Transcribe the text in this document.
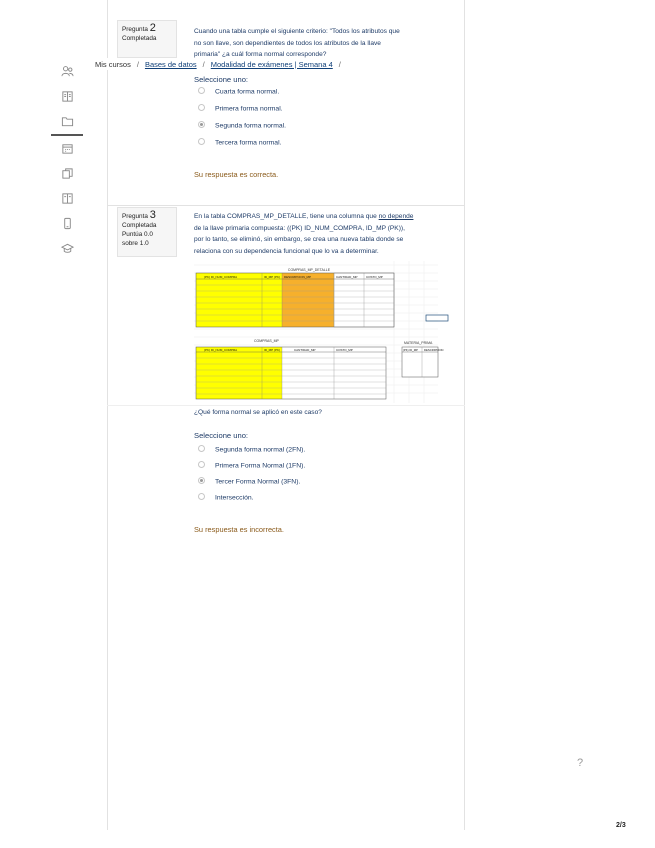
Pregunta 2
Completada
Cuando una tabla cumple el siguiente criterio: "Todos los atributos que
no son llave, son dependientes de todos los atributos de la llave
primaria" ¿a cuál forma normal corresponde?
Mis cursos / Bases de datos / Modalidad de exámenes | Semana 4 /
Seleccione uno:
Cuarta forma normal.
Primera forma normal.
Segunda forma normal.
Tercera forma normal.
Su respuesta es correcta.
Pregunta 3
Completada
Puntúa 0.0
sobre 1.0
En la tabla COMPRAS_MP_DETALLE, tiene una columna que no depende
de la llave primaria compuesta: ((PK) ID_NUM_COMPRA, ID_MP (PK)),
por lo tanto, se eliminó, sin embargo, se crea una nueva tabla donde se
relaciona con su dependencia funcional que lo va a determinar.
COMPRAS_MP_DETALLE
(PK) ID_NUM_COMPRA	ID_MP (PK) DESCRIPCION_MP	CANTIDAD_MP	COSTO_MP
COMPRAS_MP
(PK) ID_NUM_COMPRA	ID_MP (PK)	CANTIDAD_MP	COSTO_MP
MATERIA_PRIMA
(PK) ID_MP DESCRIPCION
¿Qué forma normal se aplicó en este caso?
Seleccione uno:
Segunda forma normal (2FN).
Primera Forma Normal (1FN).
Tercer Forma Normal (3FN).
Intersección.
Su respuesta es incorrecta.
?
2/3
